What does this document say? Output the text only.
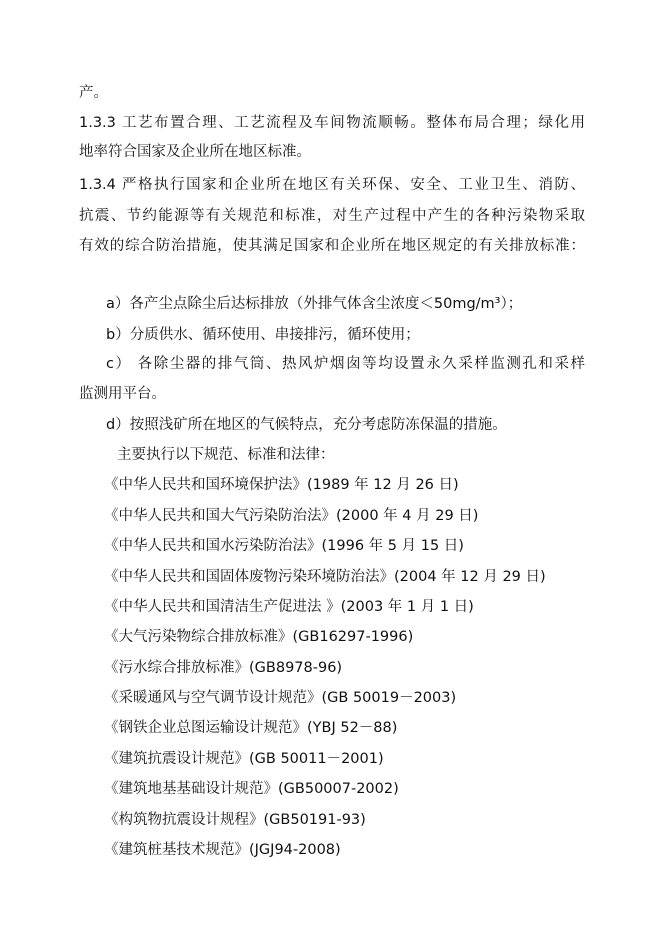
产。
1.3.3 工艺布置合理、工艺流程及车间物流顺畅。整体布局合理；绿化用
地率符合国家及企业所在地区标准。
1.3.4 严格执行国家和企业所在地区有关环保、安全、工业卫生、消防、
抗震、节约能源等有关规范和标准，对生产过程中产生的各种污染物采取
有效的综合防治措施，使其满足国家和企业所在地区规定的有关排放标准：
a）各产尘点除尘后达标排放（外排气体含尘浓度＜50mg/m³）；
b）分质供水、循环使用、串接排污，循环使用；
c） 各除尘器的排气筒、热风炉烟囱等均设置永久采样监测孔和采样
监测用平台。
d）按照浅矿所在地区的气候特点，充分考虑防冻保温的措施。
主要执行以下规范、标准和法律：
《中华人民共和国环境保护法》(1989 年 12 月 26 日)
《中华人民共和国大气污染防治法》(2000 年 4 月 29 日)
《中华人民共和国水污染防治法》(1996 年 5 月 15 日)
《中华人民共和国固体废物污染环境防治法》(2004 年 12 月 29 日)
《中华人民共和国清洁生产促进法 》(2003 年 1 月 1 日)
《大气污染物综合排放标准》(GB16297-1996)
《污水综合排放标准》(GB8978-96)
《采暖通风与空气调节设计规范》(GB 50019－2003)
《钢铁企业总图运输设计规范》(YBJ 52－88)
《建筑抗震设计规范》(GB 50011－2001)
《建筑地基基础设计规范》(GB50007-2002)
《构筑物抗震设计规程》(GB50191-93)
《建筑桩基技术规范》(JGJ94-2008)
